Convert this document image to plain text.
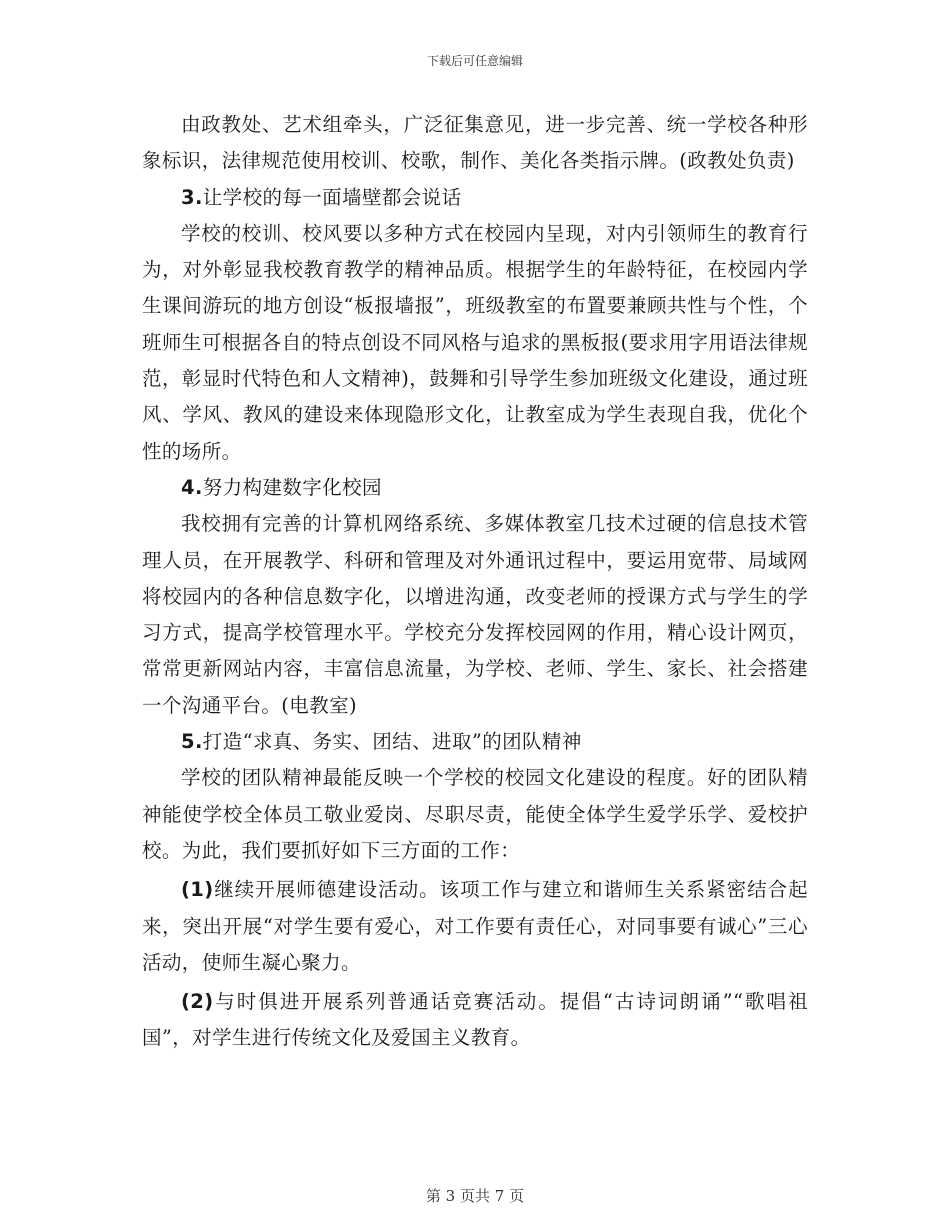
下载后可任意编辑

由政教处、艺术组牵头，广泛征集意见，进一步完善、统一学校各种形象标识，法律规范使用校训、校歌，制作、美化各类指示牌。(政教处负责)

3.让学校的每一面墙壁都会说话

学校的校训、校风要以多种方式在校园内呈现，对内引领师生的教育行为，对外彰显我校教育教学的精神品质。根据学生的年龄特征，在校园内学生课间游玩的地方创设“板报墙报”，班级教室的布置要兼顾共性与个性，个班师生可根据各自的特点创设不同风格与追求的黑板报(要求用字用语法律规范，彰显时代特色和人文精神)，鼓舞和引导学生参加班级文化建设，通过班风、学风、教风的建设来体现隐形文化，让教室成为学生表现自我，优化个性的场所。

4.努力构建数字化校园

我校拥有完善的计算机网络系统、多媒体教室几技术过硬的信息技术管理人员，在开展教学、科研和管理及对外通讯过程中，要运用宽带、局域网将校园内的各种信息数字化，以增进沟通，改变老师的授课方式与学生的学习方式，提高学校管理水平。学校充分发挥校园网的作用，精心设计网页，常常更新网站内容，丰富信息流量，为学校、老师、学生、家长、社会搭建一个沟通平台。(电教室)

5.打造“求真、务实、团结、进取”的团队精神

学校的团队精神最能反映一个学校的校园文化建设的程度。好的团队精神能使学校全体员工敬业爱岗、尽职尽责，能使全体学生爱学乐学、爱校护校。为此，我们要抓好如下三方面的工作：

(1)继续开展师德建设活动。该项工作与建立和谐师生关系紧密结合起来，突出开展“对学生要有爱心，对工作要有责任心，对同事要有诚心”三心活动，使师生凝心聚力。

(2)与时俱进开展系列普通话竞赛活动。提倡“古诗词朗诵”“歌唱祖国”，对学生进行传统文化及爱国主义教育。

第 3 页共 7 页
